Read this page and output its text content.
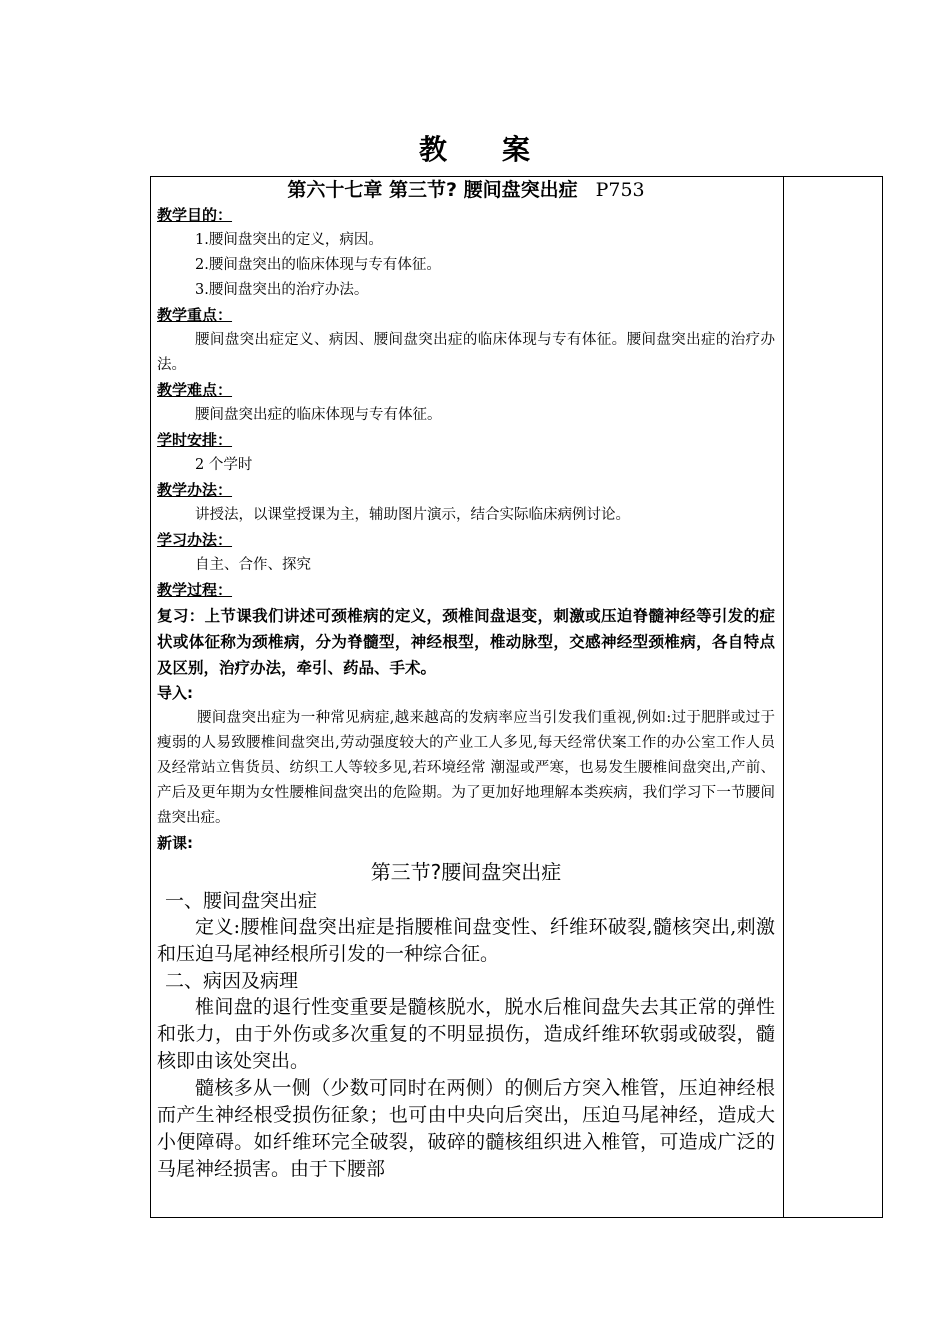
教 案
第六十七章 第三节? 腰间盘突出症 P753
教学目的：
1.腰间盘突出的定义，病因。
2.腰间盘突出的临床体现与专有体征。
3.腰间盘突出的治疗办法。
教学重点：

腰间盘突出症定义、病因、腰间盘突出症的临床体现与专有体征。腰间盘突出症的治疗办法。

教学难点：

腰间盘突出症的临床体现与专有体征。

学时安排：

2 个学时

教学办法：

讲授法，以课堂授课为主，辅助图片演示，结合实际临床病例讨论。

学习办法：

自主、合作、探究

教学过程：

复习：上节课我们讲述可颈椎病的定义，颈椎间盘退变，刺激或压迫脊髓神经等引发的症状或体征称为颈椎病，分为脊髓型，神经根型，椎动脉型，交感神经型颈椎病，各自特点及区别，治疗办法，牵引、药品、手术。

导入:

腰间盘突出症为一种常见病症,越来越高的发病率应当引发我们重视,例如:过于肥胖或过于瘦弱的人易致腰椎间盘突出,劳动强度较大的产业工人多见,每天经常伏案工作的办公室工作人员及经常站立售货员、纺织工人等较多见,若环境经常 潮湿或严寒，也易发生腰椎间盘突出,产前、产后及更年期为女性腰椎间盘突出的危险期。为了更加好地理解本类疾病，我们学习下一节腰间盘突出症。

新课:
第三节?腰间盘突出症
一、腰间盘突出症

定义:腰椎间盘突出症是指腰椎间盘变性、纤维环破裂,髓核突出,刺激和压迫马尾神经根所引发的一种综合征。

二、病因及病理

椎间盘的退行性变重要是髓核脱水，脱水后椎间盘失去其正常的弹性和张力，由于外伤或多次重复的不明显损伤，造成纤维环软弱或破裂，髓核即由该处突出。

髓核多从一侧（少数可同时在两侧）的侧后方突入椎管，压迫神经根而产生神经根受损伤征象；也可由中央向后突出，压迫马尾神经，造成大小便障碍。如纤维环完全破裂，破碎的髓核组织进入椎管，可造成广泛的马尾神经损害。由于下腰部
